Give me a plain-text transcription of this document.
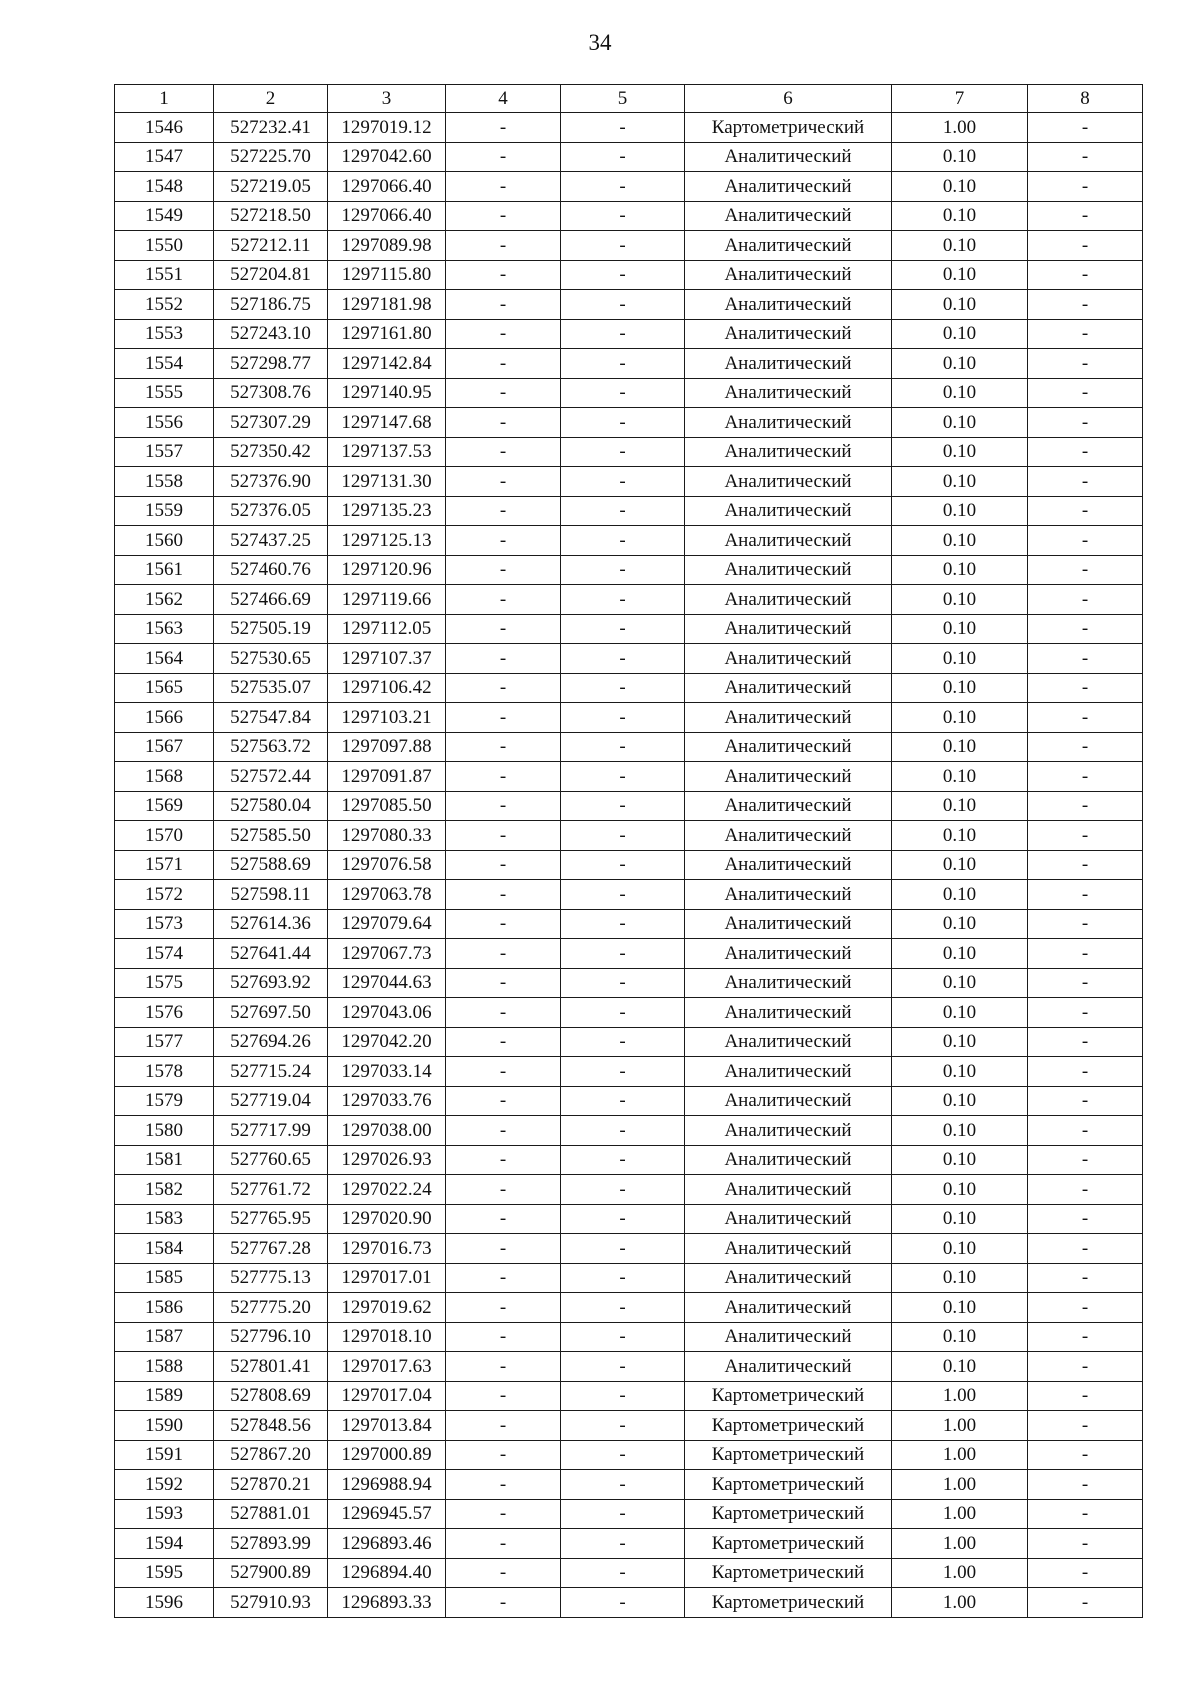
34
1	2	3	4	5	6	7	8
1546	527232.41	1297019.12	-	-	Картометрический	1.00	-
1547	527225.70	1297042.60	-	-	Аналитический	0.10	-
1548	527219.05	1297066.40	-	-	Аналитический	0.10	-
1549	527218.50	1297066.40	-	-	Аналитический	0.10	-
1550	527212.11	1297089.98	-	-	Аналитический	0.10	-
1551	527204.81	1297115.80	-	-	Аналитический	0.10	-
1552	527186.75	1297181.98	-	-	Аналитический	0.10	-
1553	527243.10	1297161.80	-	-	Аналитический	0.10	-
1554	527298.77	1297142.84	-	-	Аналитический	0.10	-
1555	527308.76	1297140.95	-	-	Аналитический	0.10	-
1556	527307.29	1297147.68	-	-	Аналитический	0.10	-
1557	527350.42	1297137.53	-	-	Аналитический	0.10	-
1558	527376.90	1297131.30	-	-	Аналитический	0.10	-
1559	527376.05	1297135.23	-	-	Аналитический	0.10	-
1560	527437.25	1297125.13	-	-	Аналитический	0.10	-
1561	527460.76	1297120.96	-	-	Аналитический	0.10	-
1562	527466.69	1297119.66	-	-	Аналитический	0.10	-
1563	527505.19	1297112.05	-	-	Аналитический	0.10	-
1564	527530.65	1297107.37	-	-	Аналитический	0.10	-
1565	527535.07	1297106.42	-	-	Аналитический	0.10	-
1566	527547.84	1297103.21	-	-	Аналитический	0.10	-
1567	527563.72	1297097.88	-	-	Аналитический	0.10	-
1568	527572.44	1297091.87	-	-	Аналитический	0.10	-
1569	527580.04	1297085.50	-	-	Аналитический	0.10	-
1570	527585.50	1297080.33	-	-	Аналитический	0.10	-
1571	527588.69	1297076.58	-	-	Аналитический	0.10	-
1572	527598.11	1297063.78	-	-	Аналитический	0.10	-
1573	527614.36	1297079.64	-	-	Аналитический	0.10	-
1574	527641.44	1297067.73	-	-	Аналитический	0.10	-
1575	527693.92	1297044.63	-	-	Аналитический	0.10	-
1576	527697.50	1297043.06	-	-	Аналитический	0.10	-
1577	527694.26	1297042.20	-	-	Аналитический	0.10	-
1578	527715.24	1297033.14	-	-	Аналитический	0.10	-
1579	527719.04	1297033.76	-	-	Аналитический	0.10	-
1580	527717.99	1297038.00	-	-	Аналитический	0.10	-
1581	527760.65	1297026.93	-	-	Аналитический	0.10	-
1582	527761.72	1297022.24	-	-	Аналитический	0.10	-
1583	527765.95	1297020.90	-	-	Аналитический	0.10	-
1584	527767.28	1297016.73	-	-	Аналитический	0.10	-
1585	527775.13	1297017.01	-	-	Аналитический	0.10	-
1586	527775.20	1297019.62	-	-	Аналитический	0.10	-
1587	527796.10	1297018.10	-	-	Аналитический	0.10	-
1588	527801.41	1297017.63	-	-	Аналитический	0.10	-
1589	527808.69	1297017.04	-	-	Картометрический	1.00	-
1590	527848.56	1297013.84	-	-	Картометрический	1.00	-
1591	527867.20	1297000.89	-	-	Картометрический	1.00	-
1592	527870.21	1296988.94	-	-	Картометрический	1.00	-
1593	527881.01	1296945.57	-	-	Картометрический	1.00	-
1594	527893.99	1296893.46	-	-	Картометрический	1.00	-
1595	527900.89	1296894.40	-	-	Картометрический	1.00	-
1596	527910.93	1296893.33	-	-	Картометрический	1.00	-
